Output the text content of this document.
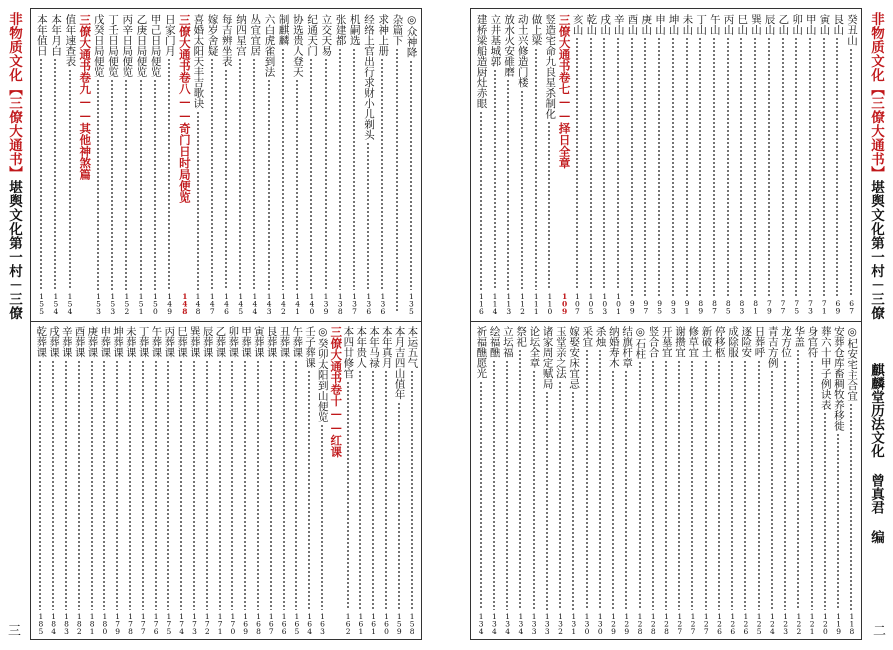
非物质文化【三僚大通书】堪舆文化第一村－三僚
三
◎众神降
135
杂篇下
求神上册
136
经络上官出行求财小儿剃头
136
机嗣选
137
张建都
138
立交天易
139
纪通天门
140
协选贵人登天
141
制麒麟
142
六白虎雀到法
143
丛宜宜居
144
纳四星宫
145
每吉辨坐表
146
嫁岁舍疑
147
喜婚太阳天丰吉歌诀
148
三僚大通书卷八——奇门日时局便览
148
日家门月
149
甲己日局便览
150
乙庚日局便览
151
丙辛日局便览
152
丁壬日局便览
153
戊癸日局便览
153
三僚大通书卷九——其他神煞篇
值年速查表
154
本年月白
154
本年值日
155
本运五气
158
本月吉四山值年
159
本年真月
160
本年马禄
161
本年贵人
161
本四廿修官
162
三僚大通书卷十——红课
◎癸卯太阳到山便览
163
壬子葬课
164
午葬课
165
丑葬课
166
艮葬课
167
寅葬课
168
甲葬课
169
卯葬课
170
乙葬课
171
辰葬课
172
巽葬课
173
巳葬课
174
丙葬课
175
午葬课
176
丁葬课
177
未葬课
178
坤葬课
179
申葬课
180
庚葬课
181
酉葬课
182
辛葬课
183
戌葬课
184
乾葬课
185
非物质文化【三僚大通书】堪舆文化第一村－三僚
麒麟堂历法文化 曾真君 编
二
癸丑山
67
艮山
69
寅山
71
甲山
73
卯山
75
乙山
77
辰山
79
巽山
81
巳山
83
丙山
85
午山
87
丁山
89
未山
91
坤山
93
申山
95
庚山
97
酉山
99
辛山
101
戌山
103
乾山
105
亥山
107
三僚大通书卷七——择日全章
109
竖造宅命九良星杀制化
110
做上梁
111
动土兴修造门楼
112
放水火安碓磨
113
立井基城郭
114
建桥梁船造厨灶赤眼
116
◎杞安宅主合宜
118
安葬仓库畜稠牧养移徙
119
葬六十甲子例诀表
120
身官符
121
华盖
122
龙方位
123
青吉方例
124
日葬呼
125
逐险安
126
成除服
126
停移柩
126
新破土
127
修草宜
127
谢攒宜
127
开墓宜
128
竖合合
128
◎石柱
128
结旗杆章
129
纳婚寿木
129
杀烛
130
采宜
130
嫁娶安床宜忌
131
玉堂亲之法
132
诸家周定赋局
133
论坛全章
133
祭祀
134
立坛福
134
绘福醮
134
祈福醮愿光
134
